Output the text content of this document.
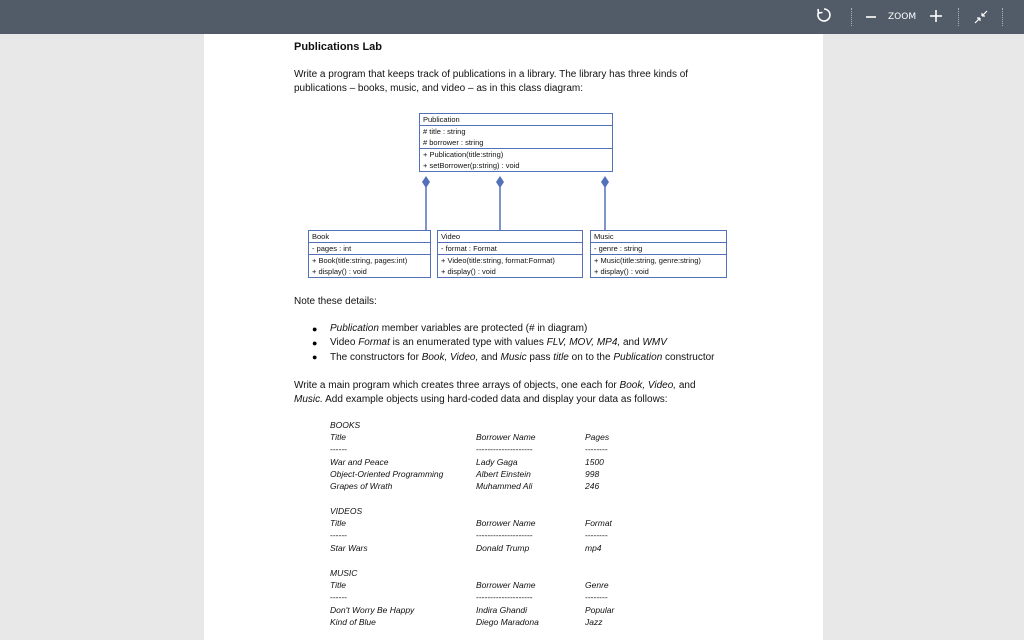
ZOOM
Publications Lab
Write a program that keeps track of publications in a library. The library has three kinds of
publications – books, music, and video – as in this class diagram:
Publication
# title : string
# borrower : string
+ Publication(title:string)
+ setBorrower(p:string) : void
Book
- pages : int
+ Book(title:string, pages:int)
+ display() : void
Video
- format : Format
+ Video(title:string, format:Format)
+ display() : void
Music
- genre : string
+ Music(title:string, genre:string)
+ display() : void
Note these details:
● Publication member variables are protected (# in diagram)
● Video Format is an enumerated type with values FLV, MOV, MP4, and WMV
● The constructors for Book, Video, and Music pass title on to the Publication constructor
Write a main program which creates three arrays of objects, one each for Book, Video, and
Music. Add example objects using hard-coded data and display your data as follows:
BOOKS
Title	Borrower Name	Pages
------	--------------------	--------
War and Peace	Lady Gaga	1500
Object-Oriented Programming	Albert Einstein	998
Grapes of Wrath	Muhammed Ali	246
VIDEOS
Title	Borrower Name	Format
------	--------------------	--------
Star Wars	Donald Trump	mp4
MUSIC
Title	Borrower Name	Genre
------	--------------------	--------
Don't Worry Be Happy	Indira Ghandi	Popular
Kind of Blue	Diego Maradona	Jazz
